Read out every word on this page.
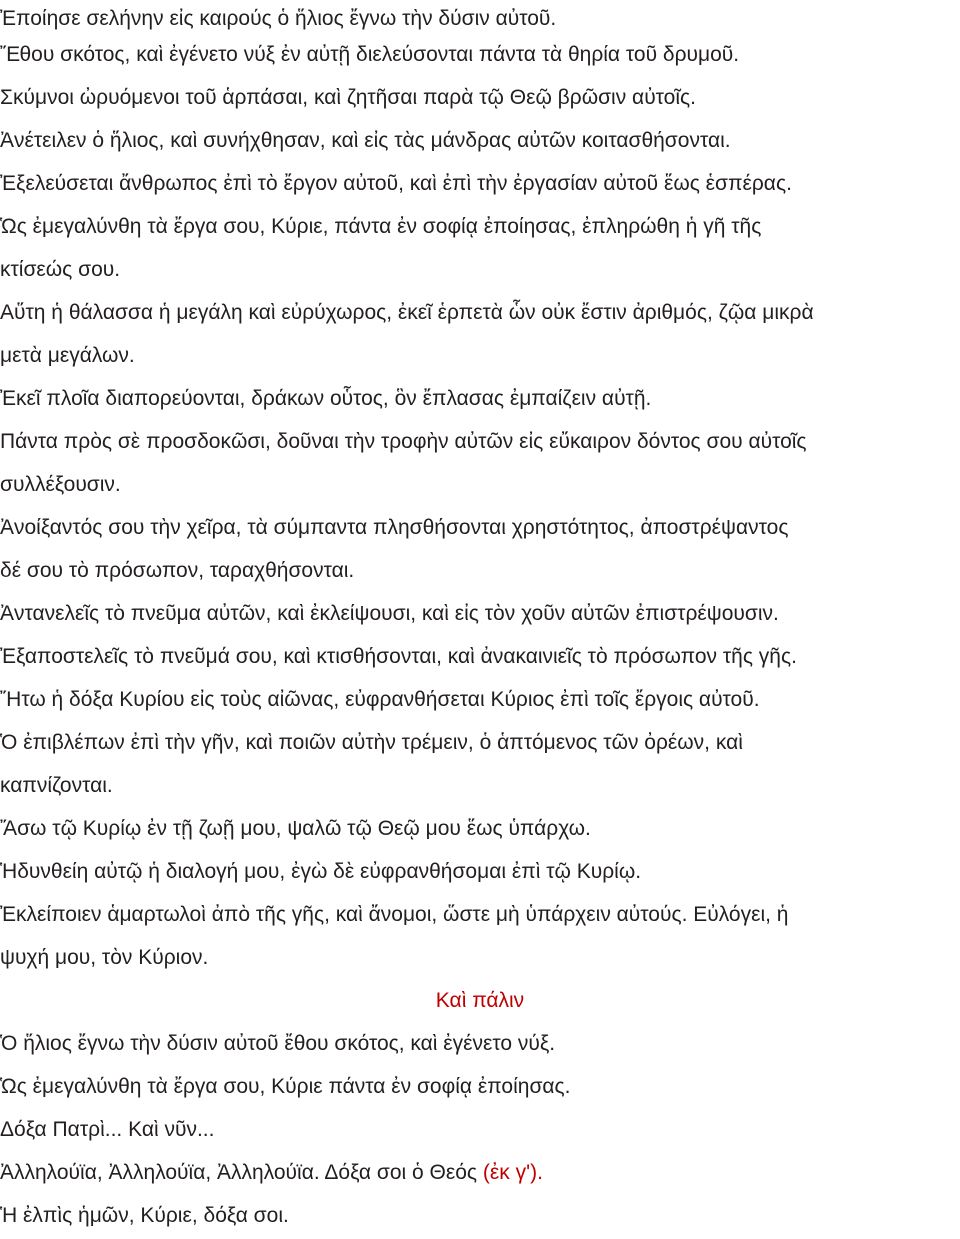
Ἐποίησε σελήνην εἰς καιρούς ὁ ἥλιος ἔγνω τὴν δύσιν αὐτοῦ.
Ἔθου σκότος, καὶ ἐγένετο νύξ ἐν αὐτῇ διελεύσονται πάντα τὰ θηρία τοῦ δρυμοῦ.
Σκύμνοι ὠρυόμενοι τοῦ ἁρπάσαι, καὶ ζητῆσαι παρὰ τῷ Θεῷ βρῶσιν αὐτοῖς.
Ἀνέτειλεν ὁ ἥλιος, καὶ συνήχθησαν, καὶ εἰς τὰς μάνδρας αὐτῶν κοιτασθήσονται.
Ἐξελεύσεται ἄνθρωπος ἐπὶ τὸ ἔργον αὐτοῦ, καὶ ἐπὶ τὴν ἐργασίαν αὐτοῦ ἕως ἑσπέρας.
Ὡς ἐμεγαλύνθη τὰ ἔργα σου, Κύριε, πάντα ἐν σοφίᾳ ἐποίησας, ἐπληρώθη ἡ γῆ τῆς
κτίσεώς σου.
Αὕτη ἡ θάλασσα ἡ μεγάλη καὶ εὐρύχωρος, ἐκεῖ ἑρπετὰ ὧν οὐκ ἔστιν ἀριθμός, ζῷα μικρὰ
μετὰ μεγάλων.
Ἐκεῖ πλοῖα διαπορεύονται, δράκων οὗτος, ὃν ἔπλασας ἐμπαίζειν αὐτῇ.
Πάντα πρὸς σὲ προσδοκῶσι, δοῦναι τὴν τροφὴν αὐτῶν εἰς εὔκαιρον δόντος σου αὐτοῖς
συλλέξουσιν.
Ἀνοίξαντός σου τὴν χεῖρα, τὰ σύμπαντα πλησθήσονται χρηστότητος, ἀποστρέψαντος
δέ σου τὸ πρόσωπον, ταραχθήσονται.
Ἀντανελεῖς τὸ πνεῦμα αὐτῶν, καὶ ἐκλείψουσι, καὶ εἰς τὸν χοῦν αὐτῶν ἐπιστρέψουσιν.
Ἐξαποστελεῖς τὸ πνεῦμά σου, καὶ κτισθήσονται, καὶ ἀνακαινιεῖς τὸ πρόσωπον τῆς γῆς.
Ἤτω ἡ δόξα Κυρίου εἰς τοὺς αἰῶνας, εὐφρανθήσεται Κύριος ἐπὶ τοῖς ἔργοις αὐτοῦ.
Ὁ ἐπιβλέπων ἐπὶ τὴν γῆν, καὶ ποιῶν αὐτὴν τρέμειν, ὁ ἁπτόμενος τῶν ὀρέων, καὶ
καπνίζονται.
Ἄσω τῷ Κυρίῳ ἐν τῇ ζωῇ μου, ψαλῶ τῷ Θεῷ μου ἕως ὑπάρχω.
Ἡδυνθείη αὐτῷ ἡ διαλογή μου, ἐγὼ δὲ εὐφρανθήσομαι ἐπὶ τῷ Κυρίῳ.
Ἐκλείποιεν ἁμαρτωλοὶ ἀπὸ τῆς γῆς, καὶ ἄνομοι, ὥστε μὴ ὑπάρχειν αὐτούς. Εὐλόγει, ἡ
ψυχή μου, τὸν Κύριον.
Καὶ πάλιν
Ὁ ἥλιος ἔγνω τὴν δύσιν αὐτοῦ ἔθου σκότος, καὶ ἐγένετο νύξ.
Ὡς ἐμεγαλύνθη τὰ ἔργα σου, Κύριε πάντα ἐν σοφίᾳ ἐποίησας.
Δόξα Πατρὶ... Καὶ νῦν...
Ἀλληλούϊα, Ἀλληλούϊα, Ἀλληλούϊα. Δόξα σοι ὁ Θεός (ἐκ γ').
Ἡ ἐλπὶς ἡμῶν, Κύριε, δόξα σοι.
